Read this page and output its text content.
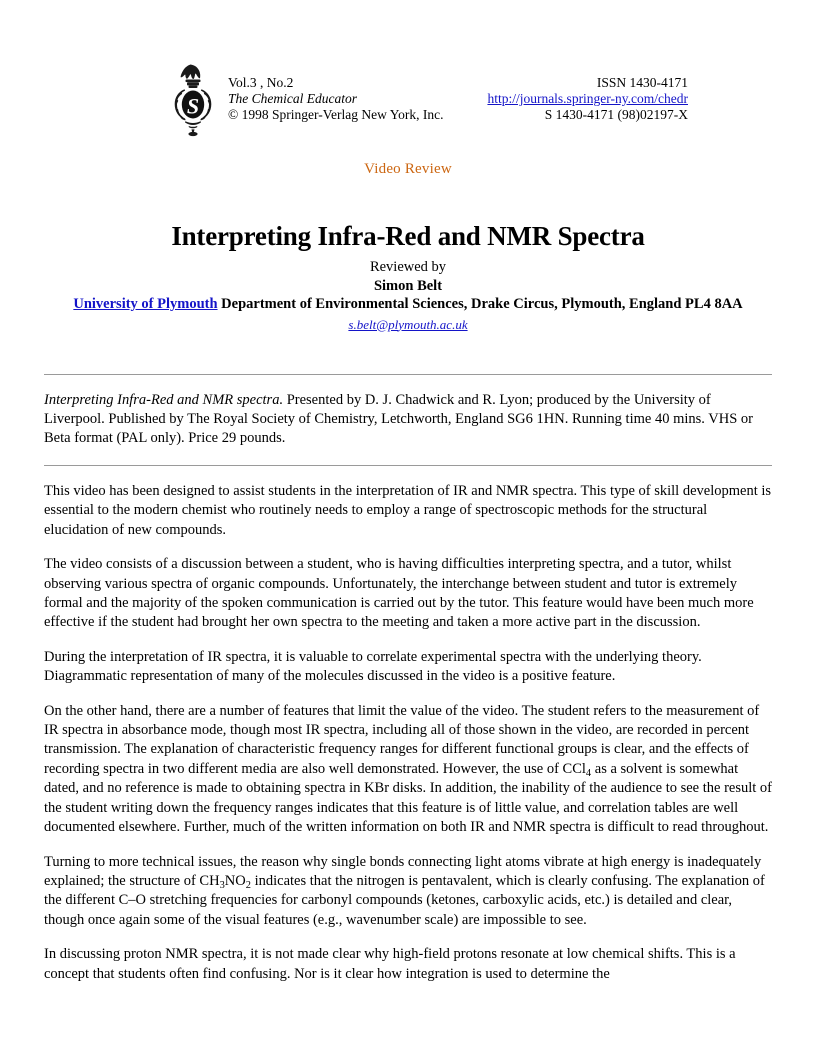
S
Vol.3 , No.2	ISSN 1430-4171
The Chemical Educator	http://journals.springer-ny.com/chedr
© 1998 Springer-Verlag New York, Inc.	S 1430-4171 (98)02197-X
Video Review
Interpreting Infra-Red and NMR Spectra
Reviewed by
Simon Belt
University of Plymouth Department of Environmental Sciences, Drake Circus, Plymouth, England PL4 8AA
s.belt@plymouth.ac.uk
Interpreting Infra-Red and NMR spectra. Presented by D. J. Chadwick and R. Lyon; produced by the University of Liverpool. Published by The Royal Society of Chemistry, Letchworth, England SG6 1HN. Running time 40 mins. VHS or Beta format (PAL only). Price 29 pounds.

This video has been designed to assist students in the interpretation of IR and NMR spectra. This type of skill development is essential to the modern chemist who routinely needs to employ a range of spectroscopic methods for the structural elucidation of new compounds.

The video consists of a discussion between a student, who is having difficulties interpreting spectra, and a tutor, whilst observing various spectra of organic compounds. Unfortunately, the interchange between student and tutor is extremely formal and the majority of the spoken communication is carried out by the tutor. This feature would have been much more effective if the student had brought her own spectra to the meeting and taken a more active part in the discussion.

During the interpretation of IR spectra, it is valuable to correlate experimental spectra with the underlying theory. Diagrammatic representation of many of the molecules discussed in the video is a positive feature.

On the other hand, there are a number of features that limit the value of the video. The student refers to the measurement of IR spectra in absorbance mode, though most IR spectra, including all of those shown in the video, are recorded in percent transmission. The explanation of characteristic frequency ranges for different functional groups is clear, and the effects of recording spectra in two different media are also well demonstrated. However, the use of CCl$_4$ as a solvent is somewhat dated, and no reference is made to obtaining spectra in KBr disks. In addition, the inability of the audience to see the result of the student writing down the frequency ranges indicates that this feature is of little value, and correlation tables are well documented elsewhere. Further, much of the written information on both IR and NMR spectra is difficult to read throughout.

Turning to more technical issues, the reason why single bonds connecting light atoms vibrate at high energy is inadequately explained; the structure of $CH_3NO_2$ indicates that the nitrogen is pentavalent, which is clearly confusing. The explanation of the different C–O stretching frequencies for carbonyl compounds (ketones, carboxylic acids, etc.) is detailed and clear, though once again some of the visual features (e.g., wavenumber scale) are impossible to see.

In discussing proton NMR spectra, it is not made clear why high-field protons resonate at low chemical shifts. This is a concept that students often find confusing. Nor is it clear how integration is used to determine the
